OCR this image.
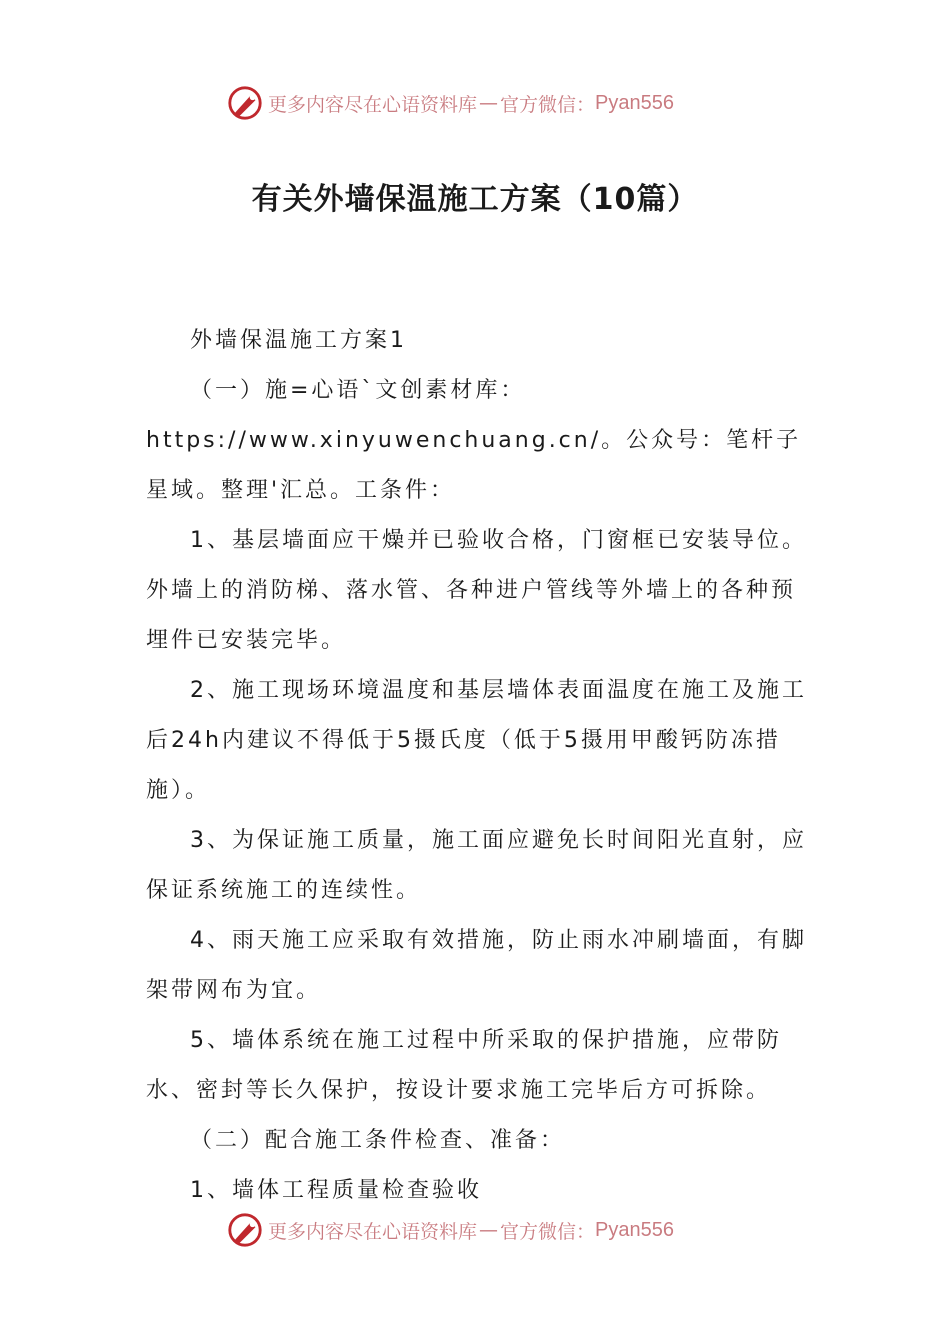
更多内容尽在心语资料库 — 官方微信： Pyan556
有关外墙保温施工方案（10篇）

外墙保温施工方案1

（一）施=心语`文创素材库：https://www.xinyuwenchuang.cn/。公众号：笔杆子星域。整理'汇总。工条件：

1、基层墙面应干燥并已验收合格，门窗框已安装导位。外墙上的消防梯、落水管、各种进户管线等外墙上的各种预埋件已安装完毕。

2、施工现场环境温度和基层墙体表面温度在施工及施工后24h内建议不得低于5摄氏度（低于5摄用甲酸钙防冻措施）。

3、为保证施工质量，施工面应避免长时间阳光直射，应保证系统施工的连续性。

4、雨天施工应采取有效措施，防止雨水冲刷墙面，有脚架带网布为宜。

5、墙体系统在施工过程中所采取的保护措施，应带防水、密封等长久保护，按设计要求施工完毕后方可拆除。

（二）配合施工条件检查、准备：

1、墙体工程质量检查验收

更多内容尽在心语资料库 — 官方微信： Pyan556
